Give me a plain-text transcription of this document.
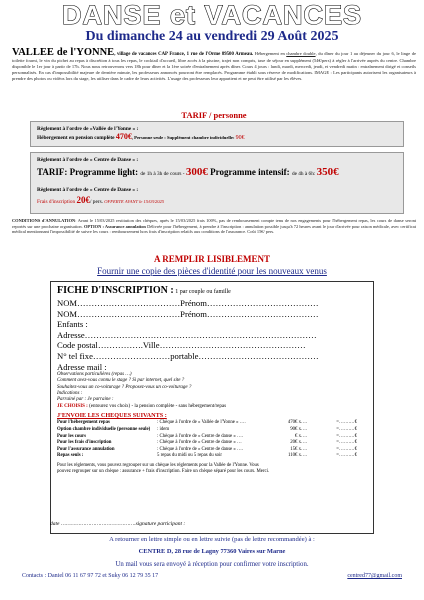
DANSE et VACANCES
Du dimanche 24 au vendredi 29 Août 2025
VALLEE de l'YONNE, village de vacances CAP France, 1 rue de l'Orme 89500 Armeau. Hébergement en chambre double, du dîner du jour 1 au déjeuner du jour 6, le linge de toilette fourni, le vin du pichet au repas à discrétion à tous les repas, le cocktail d'accueil, libre accès à la piscine, trajet non compris, taxe de séjour en supplément (54€/pers) à régler à l'arrivée auprès du centre. Chambre disponible le 1er jour à partir de 17h. Nous nous retrouverons vers 18h pour dîner et la 1ère soirée d'entraînement après dîner. Cours 4 jours : lundi, mardi, mercredi, jeudi, et vendredi matin : entraînement dirigé et conseils personnalisés. En cas d'impossibilité majeure de dernière minute, les professeurs annoncés pourront être remplacés. Programme établi sous réserve de modifications. IMAGE : Les participants autorisent les organisateurs à prendre des photos ou vidéos lors du stage, les utiliser dans le cadre de leurs activités. L'usage des professeurs leur appartient et ne peut être utilisé par les élèves.
TARIF / personne
Règlement à l'ordre de «Vallée de l'Yonne » :
Hébergement en pension complète 470€, Personne seule : Supplément chambre individuelle: 90€
Règlement à l'ordre de « Centre de Danse » :
TARIF: Programme light: de 1h à 3h de cours - 300€ Programme intensif: de 4h à 6h: 350€
Règlement à l'ordre de « Centre de Danse » :
Frais d'inscription 20€/ pers. OFFERTE AVANT le 15/03/2025
CONDITIONS d'ANNULATION: Avant le 15/03/2025 restitution des chèques, après le 15/03/2025 frais 100%, pas de remboursement compte tenu de nos engagements pour l'hébergement repas, les cours de danse seront reportés sur une prochaine organisation. OPTION : Assurance annulation Délivrée pour l'hébergement, à prendre à l'inscription : annulation possible jusqu'à 72 heures avant le jour d'arrivée pour raison médicale, avec certificat médical mentionnant l'impossibilité de suivre les cours : remboursement hors frais d'inscription relatifs aux conditions de l'assurance. Coût 15€/ pers.
A REMPLIR LISIBLEMENT
Fournir une copie des pièces d'identité pour les nouveaux venus
FICHE D'INSCRIPTION : 1 par couple ou famille
NOM………………………………Prénom…………………………………
NOM………………………………Prénom…………………………………
Enfants :
Adresse………………………………………………………………………
Code postal…………….Ville……………………………………………
N° tel fixe………………………portable……………………………………
Adresse mail :
Observations particulières (repas …)
Comment avez-vous connu le stage ? Si par internet, quel site ?
Souhaitez-vous un co-voiturage ? Proposez-vous un co-voiturage ?
Indications :
Parrainé par : Je parraine :
JE CHOISIS : (entourez vos choix) - la pension complète - sans hébergement/repas
J'ENVOIE LES CHEQUES SUIVANTS :
Pour l'hébergement repas	: Chèque à l'ordre de « Vallée de l'Yonne » ….	470€ x….	=…….…€
Option chambre individuelle (personne seule)	: idem	90€ x….	=…….…€
Pour les cours	: Chèque à l'ordre de « Centre de danse » ….	€ x….	=…….…€
Pour les frais d'inscription	: Chèque à l'ordre de « Centre de danse » …	20€ x….	=…….…€
Pour l'assurance annulation	: Chèque à l'ordre de « Centre de danse » ….	15€ x….	=…….…€
Repas seuls :	5 repas du midi ou 5 repas du soir	110€ x….	=…….…€
Pour les réglements, vous pouvez regrouper sur un chèque les réglements pour la Vallée de l'Yonne. Vous
pouvez regrouper sur un chèque : assurance + frais d'inscription. Faire un chèque séparé pour les cours. Merci.
date ……………………………………….signature participant :
A retourner en lettre simple ou en lettre suivie (pas de lettre recommandée) à :
CENTRE D, 28 rue de Lagny 77360 Vaires sur Marne
Un mail vous sera envoyé à réception pour confirmer votre inscription.
Contacts : Daniel 06 11 67 97 72 et Suky 06 12 79 35 17	centred77@gmail.com
